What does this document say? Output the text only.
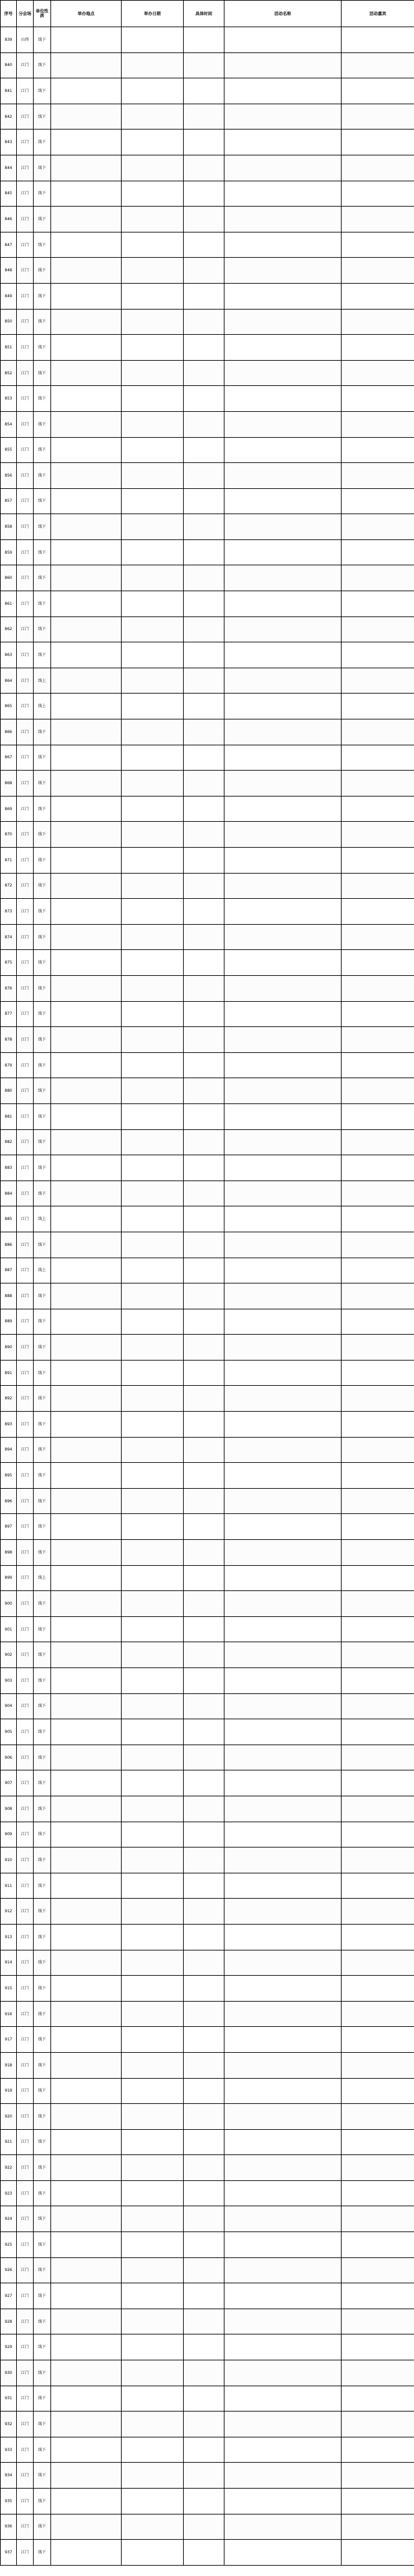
序号	分会场	单位性质	举办地点	举办日期	具体时间	活动名称	活动嘉宾
839	山西	线下					
840	江门	线下					
841	江门	线下					
842	江门	线下					
843	江门	线下					
844	江门	线下					
845	江门	线下					
846	江门	线下					
847	江门	线下					
848	江门	线下					
849	江门	线下					
850	江门	线下					
851	江门	线下					
852	江门	线下					
853	江门	线下					
854	江门	线下					
855	江门	线下					
856	江门	线下					
857	江门	线下					
858	江门	线下					
859	江门	线下					
860	江门	线下					
861	江门	线下					
862	江门	线下					
863	江门	线下					
864	江门	线上					
865	江门	线上					
866	江门	线下					
867	江门	线下					
868	江门	线下					
869	江门	线下					
870	江门	线下					
871	江门	线下					
872	江门	线下					
873	江门	线下					
874	江门	线下					
875	江门	线下					
876	江门	线下					
877	江门	线下					
878	江门	线下					
879	江门	线下					
880	江门	线下					
881	江门	线下					
882	江门	线下					
883	江门	线下					
884	江门	线下					
885	江门	线上					
886	江门	线下					
887	江门	线上					
888	江门	线下					
889	江门	线下					
890	江门	线下					
891	江门	线下					
892	江门	线下					
893	江门	线下					
894	江门	线下					
895	江门	线下					
896	江门	线下					
897	江门	线下					
898	江门	线下					
899	江门	线上					
900	江门	线下					
901	江门	线下					
902	江门	线下					
903	江门	线下					
904	江门	线下					
905	江门	线下					
906	江门	线下					
907	江门	线下					
908	江门	线下					
909	江门	线下					
910	江门	线下					
911	江门	线下					
912	江门	线下					
913	江门	线下					
914	江门	线下					
915	江门	线下					
916	江门	线下					
917	江门	线下					
918	江门	线下					
919	江门	线下					
920	江门	线下					
921	江门	线下					
922	江门	线下					
923	江门	线下					
924	江门	线下					
925	江门	线下					
926	江门	线下					
927	江门	线下					
928	江门	线下					
929	江门	线下					
930	江门	线下					
931	江门	线下					
932	江门	线下					
933	江门	线下					
934	江门	线下					
935	江门	线下					
936	江门	线下					
937	江门	线下					
